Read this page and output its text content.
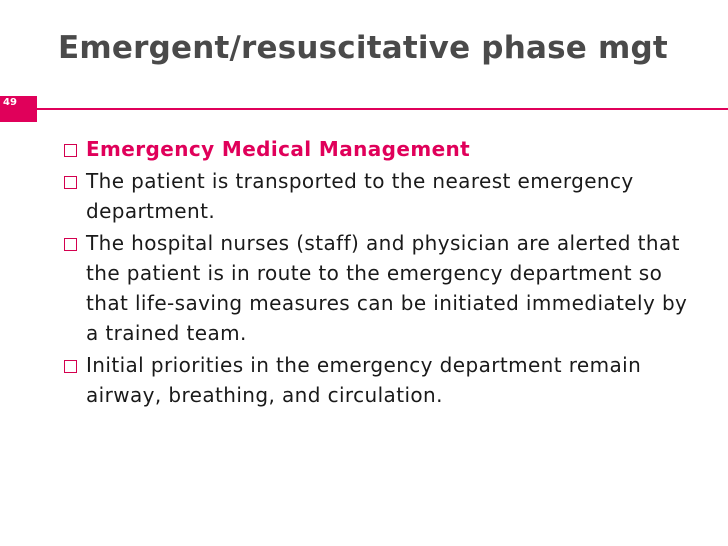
Emergent/resuscitative phase mgt
49
Emergency Medical Management
The patient is transported to the nearest emergency department.
The hospital nurses (staff) and physician are alerted that the patient is in route to the emergency department so that life-saving measures can be initiated immediately by a trained team.
Initial priorities in the emergency department remain airway, breathing, and circulation.
